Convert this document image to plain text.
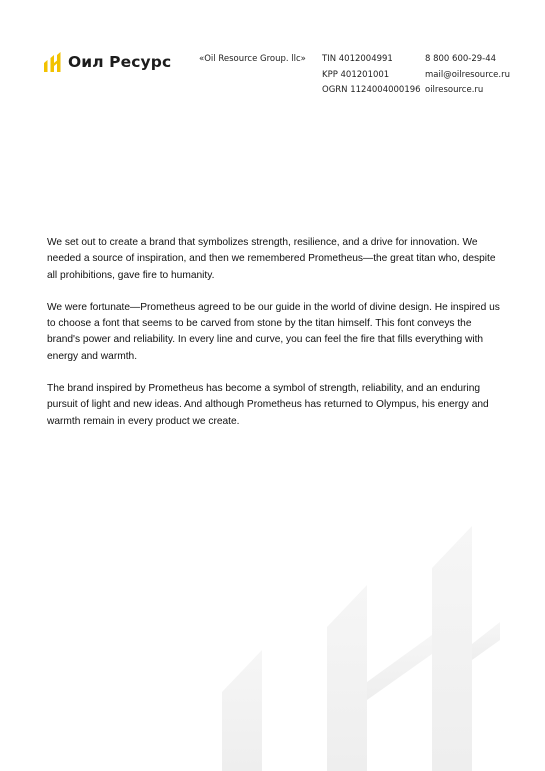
Оил Ресурс	«Oil Resource Group. llc» TIN 4012004991
KPP 401201001
OGRN 1124004000196
8 800 600-29-44
mail@oilresource.ru
oilresource.ru

We set out to create a brand that symbolizes strength, resilience, and a drive for innovation. We needed a source of inspiration, and then we remembered Prometheus—the great titan who, despite all prohibitions, gave fire to humanity.

We were fortunate—Prometheus agreed to be our guide in the world of divine design. He inspired us to choose a font that seems to be carved from stone by the titan himself. This font conveys the brand's power and reliability. In every line and curve, you can feel the fire that fills everything with energy and warmth.

The brand inspired by Prometheus has become a symbol of strength, reliability, and an enduring pursuit of light and new ideas. And although Prometheus has returned to Olympus, his energy and warmth remain in every product we create.
